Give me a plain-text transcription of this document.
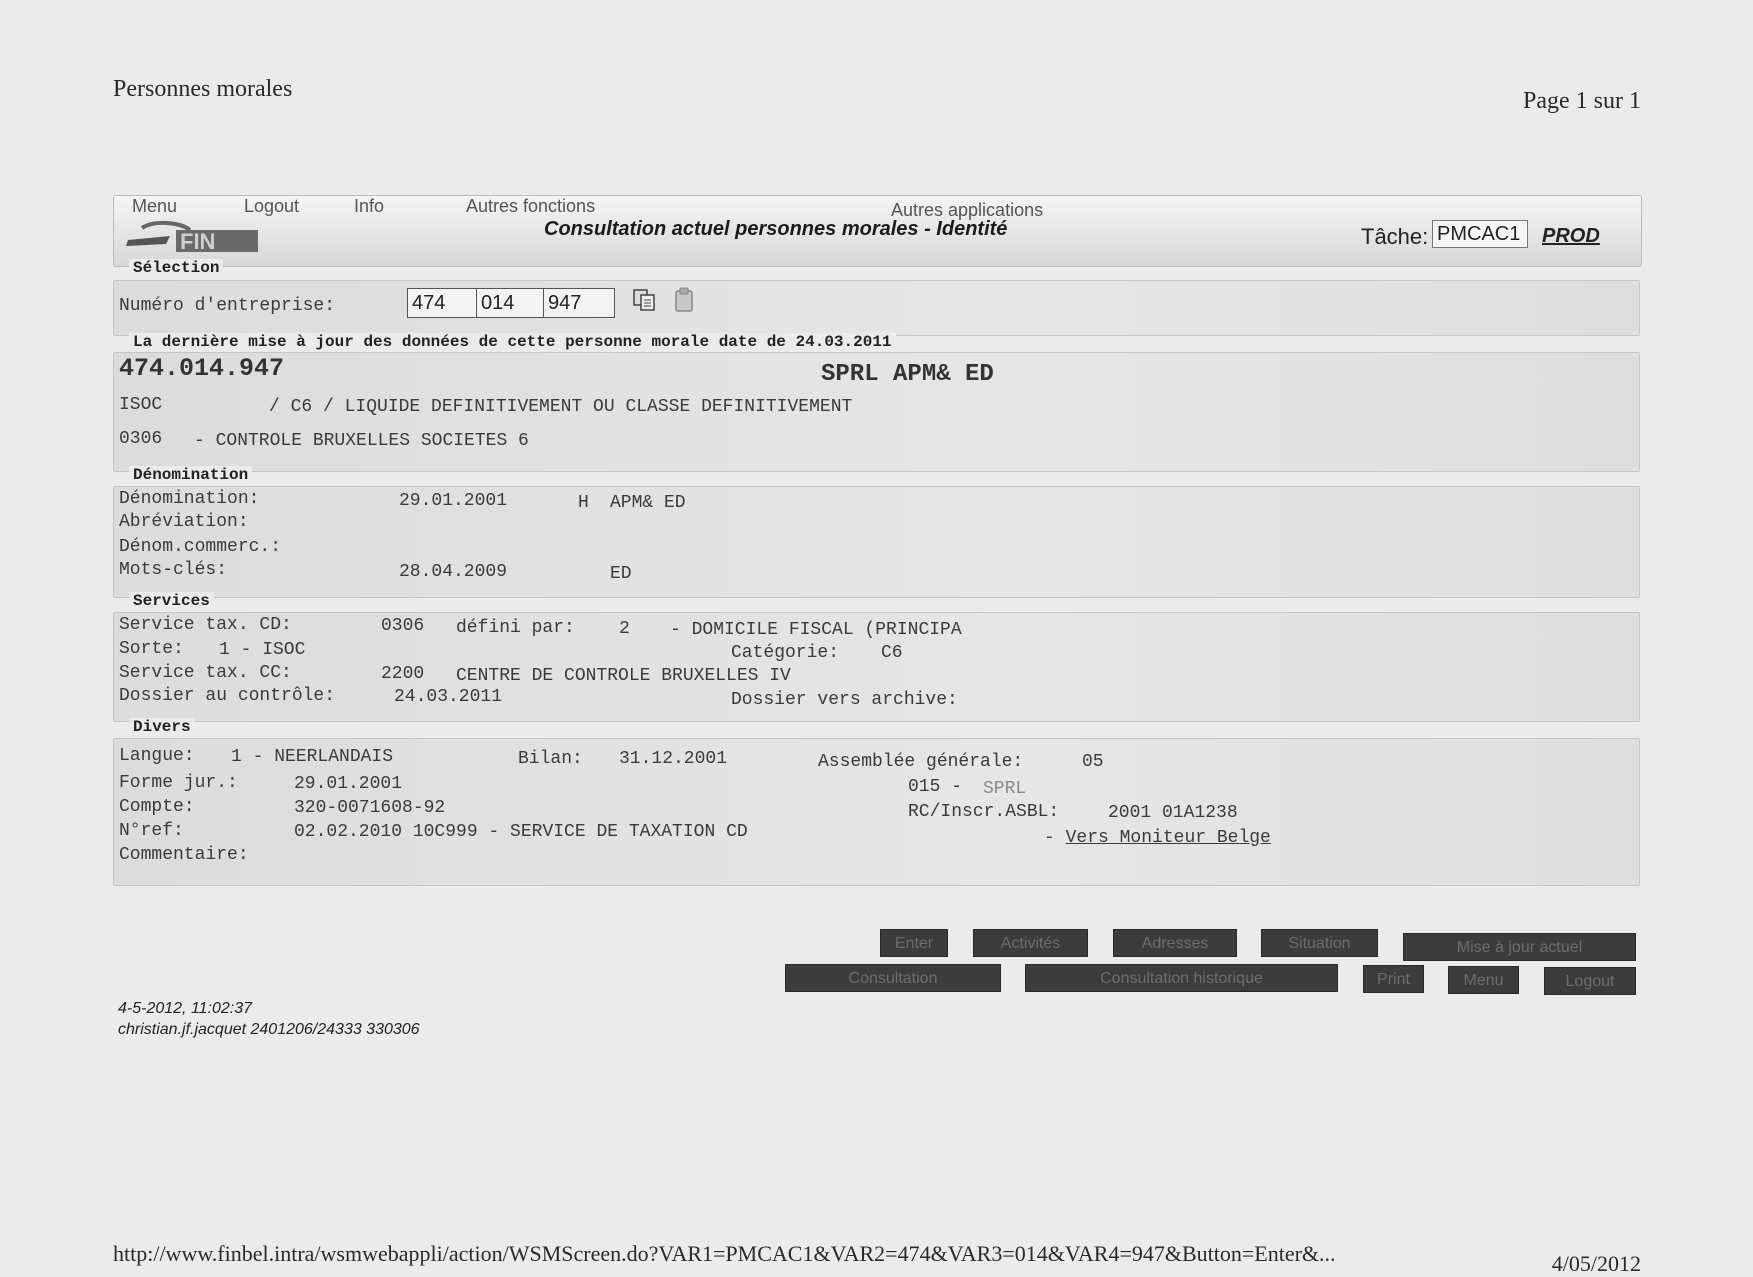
Personnes morales	Page 1 sur 1
FIN
Menu	Logout	Info	Autres fonctions	Autres applications
Consultation actuel personnes morales - Identité	Tâche:
PMCAC1	PROD
Sélection
Numéro d'entreprise:
474
014
947
La dernière mise à jour des données de cette personne morale date de 24.03.2011
474.014.947	SPRL APM& ED
ISOC	/ C6 / LIQUIDE DEFINITIVEMENT OU CLASSE DEFINITIVEMENT
0306 - CONTROLE BRUXELLES SOCIETES 6
Dénomination
Dénomination:	29.01.2001	H APM& ED
Abréviation:
Dénom.commerc.:
Mots-clés:	28.04.2009	ED
Services
Service tax. CD:	0306 défini par: 2 - DOMICILE FISCAL (PRINCIPA
Sorte: 1 - ISOC	Catégorie: C6
Service tax. CC:	2200 CENTRE DE CONTROLE BRUXELLES IV
Dossier au contrôle:	24.03.2011	Dossier vers archive:
Divers
Langue: 1 - NEERLANDAIS	Bilan: 31.12.2001	Assemblée générale:	05
Forme jur.:	29.01.2001	015 - SPRL
Compte:	320-0071608-92	RC/Inscr.ASBL:	2001 01A1238
N°ref:	02.02.2010 10C999 - SERVICE DE TAXATION CD	- Vers Moniteur Belge
Commentaire:
Enter	Activités	Adresses	Situation	Mise à jour actuel
Consultation	Consultation historique	Print	Menu	Logout
4-5-2012, 11:02:37
christian.jf.jacquet 2401206/24333 330306
http://www.finbel.intra/wsmwebappli/action/WSMScreen.do?VAR1=PMCAC1&VAR2=474&VAR3=014&VAR4=947&Button=Enter&...	4/05/2012
